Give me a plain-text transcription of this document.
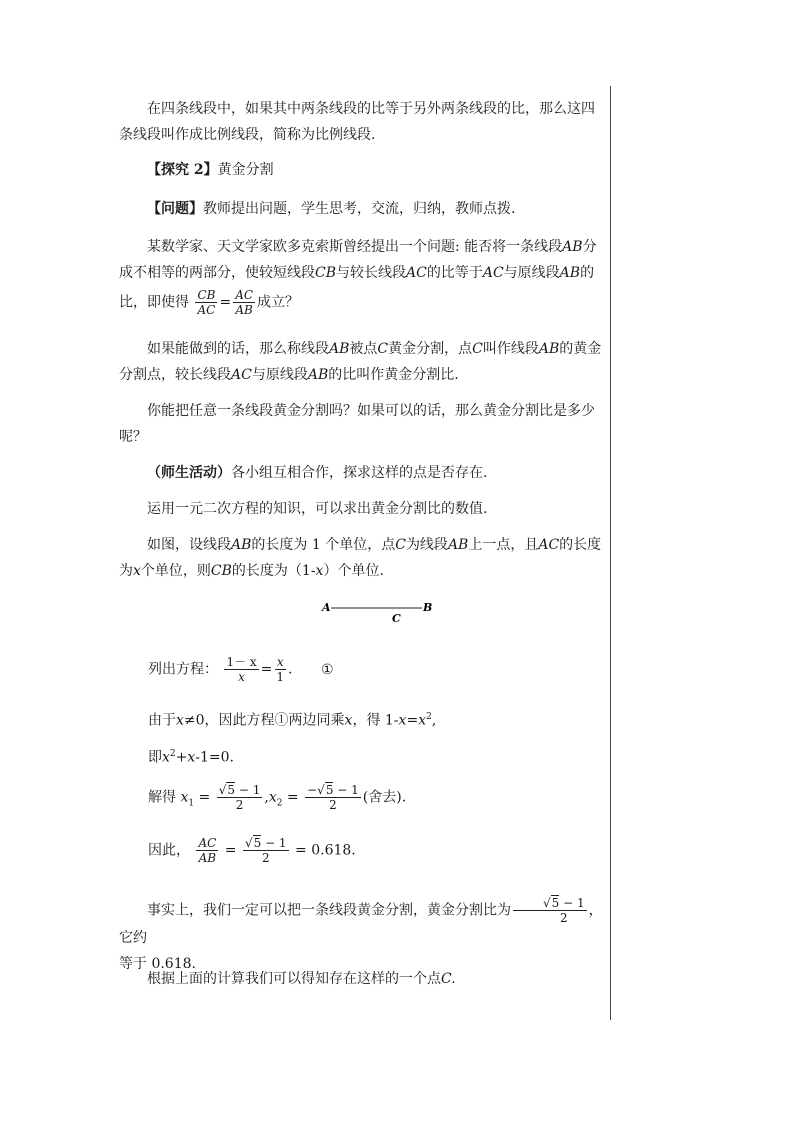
在四条线段中，如果其中两条线段的比等于另外两条线段的比，那么这四条线段叫作成比例线段，简称为比例线段.

【探究 2】黄金分割

【问题】教师提出问题，学生思考，交流，归纳，教师点拨.

某数学家、天文学家欧多克索斯曾经提出一个问题: 能否将一条线段AB分成不相等的两部分，使较短线段CB与较长线段AC的比等于AC与原线段AB的

比，即使得 $\frac{CB}{AC} = \frac{AC}{AB}$ 成立？

如果能做到的话，那么称线段AB被点C黄金分割，点C叫作线段AB的黄金分割点，较长线段AC与原线段AB的比叫作黄金分割比.

你能把任意一条线段黄金分割吗？如果可以的话，那么黄金分割比是多少呢？

（师生活动）各小组互相合作，探求这样的点是否存在.

运用一元二次方程的知识，可以求出黄金分割比的数值.

如图，设线段AB的长度为 1 个单位，点C为线段AB上一点，且AC的长度为x个单位，则CB的长度为（1-x）个单位.

A	B
C
列出方程： $\frac{1- x}{x} = \frac{x}{1}$ . ①

由于x≠0，因此方程①两边同乘x，得 $1-x=x^2$,

即$x^2+x-1=0$.

解得 $x_1 = \frac{√5 - 1}{2} ,x_2 = \frac{-√5 - 1}{2}$ (舍去).
因此， $\frac{AC}{AB} = \frac{√5 - 1}{2} = 0.618$.

事实上，我们一定可以把一条线段黄金分割，黄金分割比为 $\frac{√5 - 1}{2}$ ，它约

等于 0.618.

根据上面的计算我们可以得知存在这样的一个点C.
